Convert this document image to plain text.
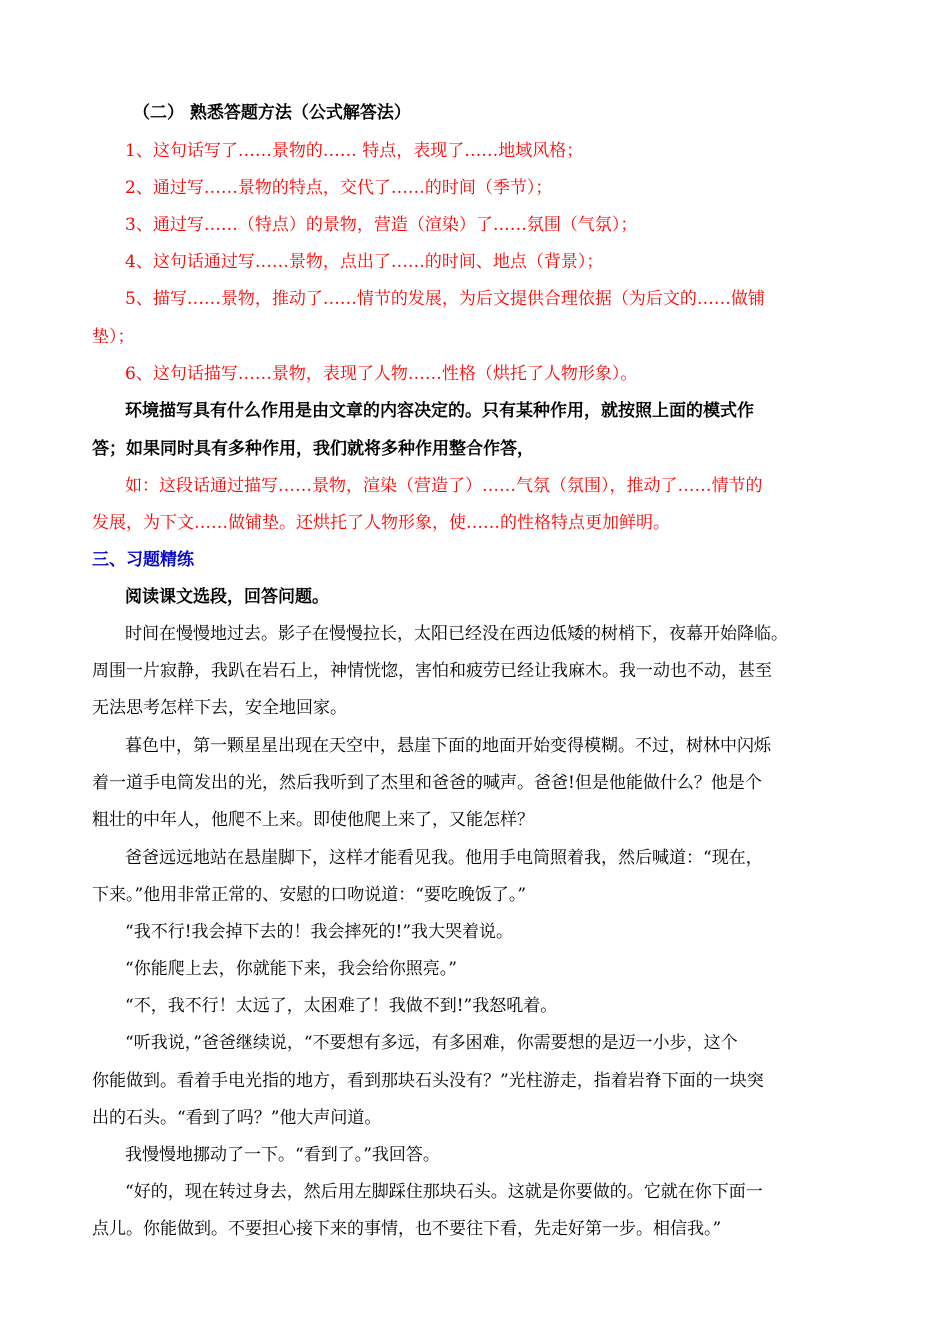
（二） 熟悉答题方法（公式解答法）
1、这句话写了……景物的…… 特点，表现了……地域风格；
2、通过写……景物的特点，交代了……的时间（季节）；
3、通过写……（特点）的景物，营造（渲染）了……氛围（气氛）；
4、这句话通过写……景物，点出了……的时间、地点（背景）；
5、描写……景物，推动了……情节的发展，为后文提供合理依据（为后文的……做铺
垫）；
6、这句话描写……景物，表现了人物……性格（烘托了人物形象）。
环境描写具有什么作用是由文章的内容决定的。只有某种作用，就按照上面的模式作
答；如果同时具有多种作用，我们就将多种作用整合作答，
如：这段话通过描写……景物，渲染（营造了）……气氛（氛围），推动了……情节的
发展，为下文……做铺垫。还烘托了人物形象，使……的性格特点更加鲜明。
三、习题精练
阅读课文选段，回答问题。
时间在慢慢地过去。影子在慢慢拉长，太阳已经没在西边低矮的树梢下，夜幕开始降临。
周围一片寂静，我趴在岩石上，神情恍惚，害怕和疲劳已经让我麻木。我一动也不动，甚至
无法思考怎样下去，安全地回家。
暮色中，第一颗星星出现在天空中，悬崖下面的地面开始变得模糊。不过，树林中闪烁
着一道手电筒发出的光，然后我听到了杰里和爸爸的喊声。爸爸!但是他能做什么？他是个
粗壮的中年人，他爬不上来。即使他爬上来了，又能怎样？
爸爸远远地站在悬崖脚下，这样才能看见我。他用手电筒照着我，然后喊道：“现在，
下来。”他用非常正常的、安慰的口吻说道：“要吃晚饭了。”
“我不行!我会掉下去的！我会摔死的!”我大哭着说。
“你能爬上去，你就能下来，我会给你照亮。”
“不，我不行！太远了，太困难了！我做不到!”我怒吼着。
“听我说，”爸爸继续说，“不要想有多远，有多困难，你需要想的是迈一小步，这个
你能做到。看着手电光指的地方，看到那块石头没有？”光柱游走，指着岩脊下面的一块突
出的石头。“看到了吗？”他大声问道。
我慢慢地挪动了一下。“看到了。”我回答。
“好的，现在转过身去，然后用左脚踩住那块石头。这就是你要做的。它就在你下面一
点儿。你能做到。不要担心接下来的事情，也不要往下看，先走好第一步。相信我。”
